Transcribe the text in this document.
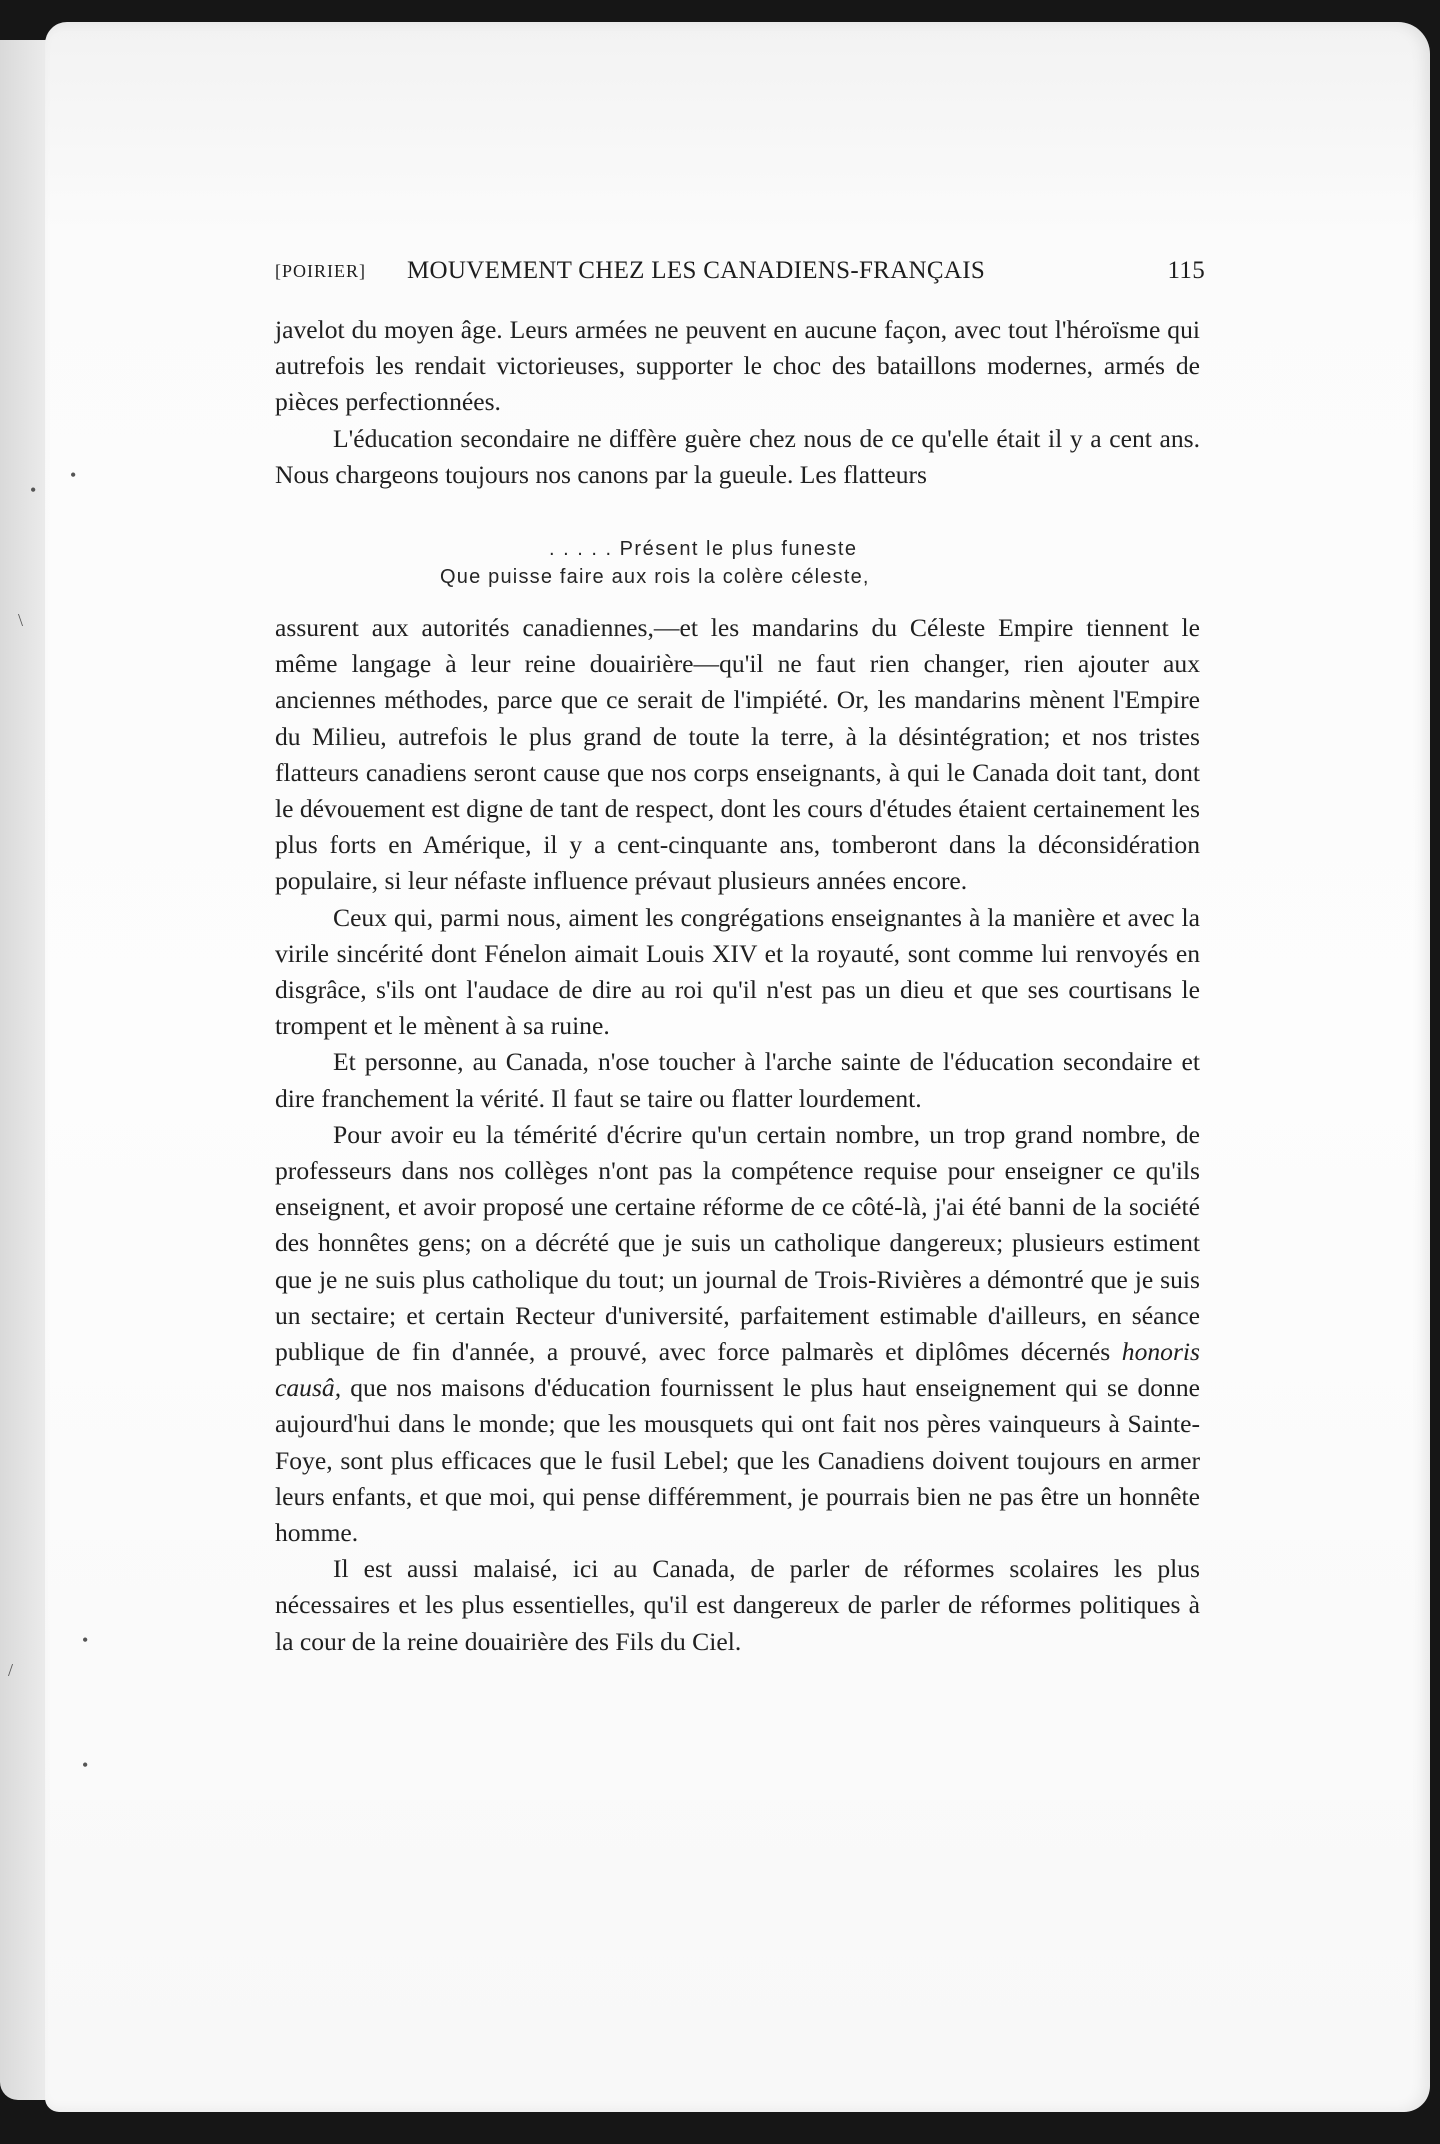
•
•
\
•
/
•
[POIRIER] MOUVEMENT CHEZ LES CANADIENS-FRANÇAIS	115

javelot du moyen âge. Leurs armées ne peuvent en aucune façon, avec tout l'héroïsme qui autrefois les rendait victorieuses, supporter le choc des bataillons modernes, armés de pièces perfectionnées.

L'éducation secondaire ne diffère guère chez nous de ce qu'elle était il y a cent ans. Nous chargeons toujours nos canons par la gueule. Les flatteurs

. . . . . Présent le plus funeste
Que puisse faire aux rois la colère céleste,

assurent aux autorités canadiennes,—et les mandarins du Céleste Empire tiennent le même langage à leur reine douairière—qu'il ne faut rien changer, rien ajouter aux anciennes méthodes, parce que ce serait de l'impiété. Or, les mandarins mènent l'Empire du Milieu, autrefois le plus grand de toute la terre, à la désintégration; et nos tristes flatteurs canadiens seront cause que nos corps enseignants, à qui le Canada doit tant, dont le dévouement est digne de tant de respect, dont les cours d'études étaient certainement les plus forts en Amérique, il y a cent-cinquante ans, tomberont dans la déconsidération populaire, si leur néfaste influence prévaut plusieurs années encore.

Ceux qui, parmi nous, aiment les congrégations enseignantes à la manière et avec la virile sincérité dont Fénelon aimait Louis XIV et la royauté, sont comme lui renvoyés en disgrâce, s'ils ont l'audace de dire au roi qu'il n'est pas un dieu et que ses courtisans le trompent et le mènent à sa ruine.

Et personne, au Canada, n'ose toucher à l'arche sainte de l'éducation secondaire et dire franchement la vérité. Il faut se taire ou flatter lourdement.

Pour avoir eu la témérité d'écrire qu'un certain nombre, un trop grand nombre, de professeurs dans nos collèges n'ont pas la compétence requise pour enseigner ce qu'ils enseignent, et avoir proposé une certaine réforme de ce côté-là, j'ai été banni de la société des honnêtes gens; on a décrété que je suis un catholique dangereux; plusieurs estiment que je ne suis plus catholique du tout; un journal de Trois-Rivières a démontré que je suis un sectaire; et certain Recteur d'université, parfaitement estimable d'ailleurs, en séance publique de fin d'année, a prouvé, avec force palmarès et diplômes décernés honoris causâ, que nos maisons d'éducation fournissent le plus haut enseignement qui se donne aujourd'hui dans le monde; que les mousquets qui ont fait nos pères vainqueurs à Sainte-Foye, sont plus efficaces que le fusil Lebel; que les Canadiens doivent toujours en armer leurs enfants, et que moi, qui pense différemment, je pourrais bien ne pas être un honnête homme.

Il est aussi malaisé, ici au Canada, de parler de réformes scolaires les plus nécessaires et les plus essentielles, qu'il est dangereux de parler de réformes politiques à la cour de la reine douairière des Fils du Ciel.
